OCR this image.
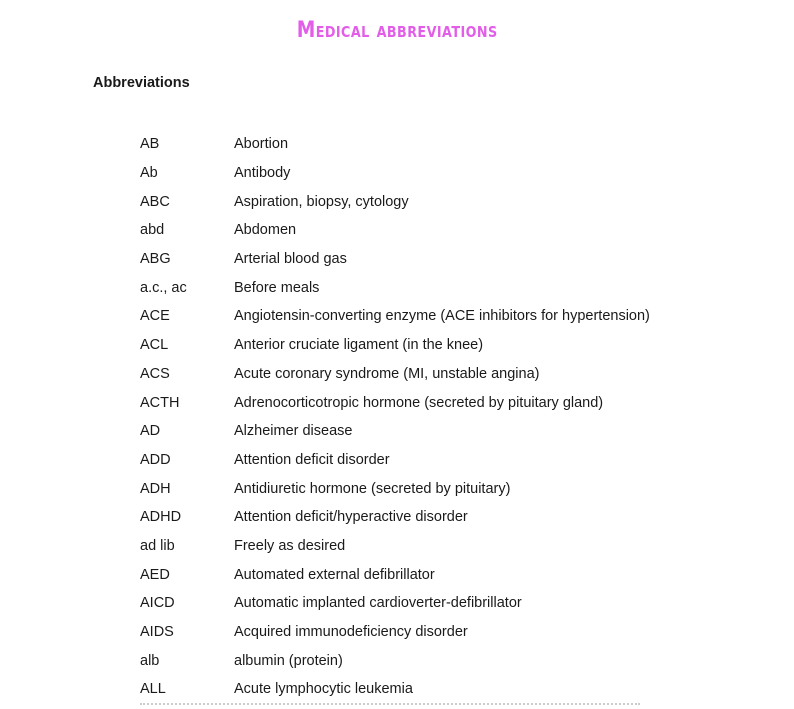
Medical abbreviations
Abbreviations
AB	Abortion
Ab	Antibody
ABC	Aspiration, biopsy, cytology
abd	Abdomen
ABG	Arterial blood gas
a.c., ac	Before meals
ACE	Angiotensin-converting enzyme (ACE inhibitors for hypertension)
ACL	Anterior cruciate ligament (in the knee)
ACS	Acute coronary syndrome (MI, unstable angina)
ACTH	Adrenocorticotropic hormone (secreted by pituitary gland)
AD	Alzheimer disease
ADD	Attention deficit disorder
ADH	Antidiuretic hormone (secreted by pituitary)
ADHD	Attention deficit/hyperactive disorder
ad lib	Freely as desired
AED	Automated external defibrillator
AICD	Automatic implanted cardioverter-defibrillator
AIDS	Acquired immunodeficiency disorder
alb	albumin (protein)
ALL	Acute lymphocytic leukemia
